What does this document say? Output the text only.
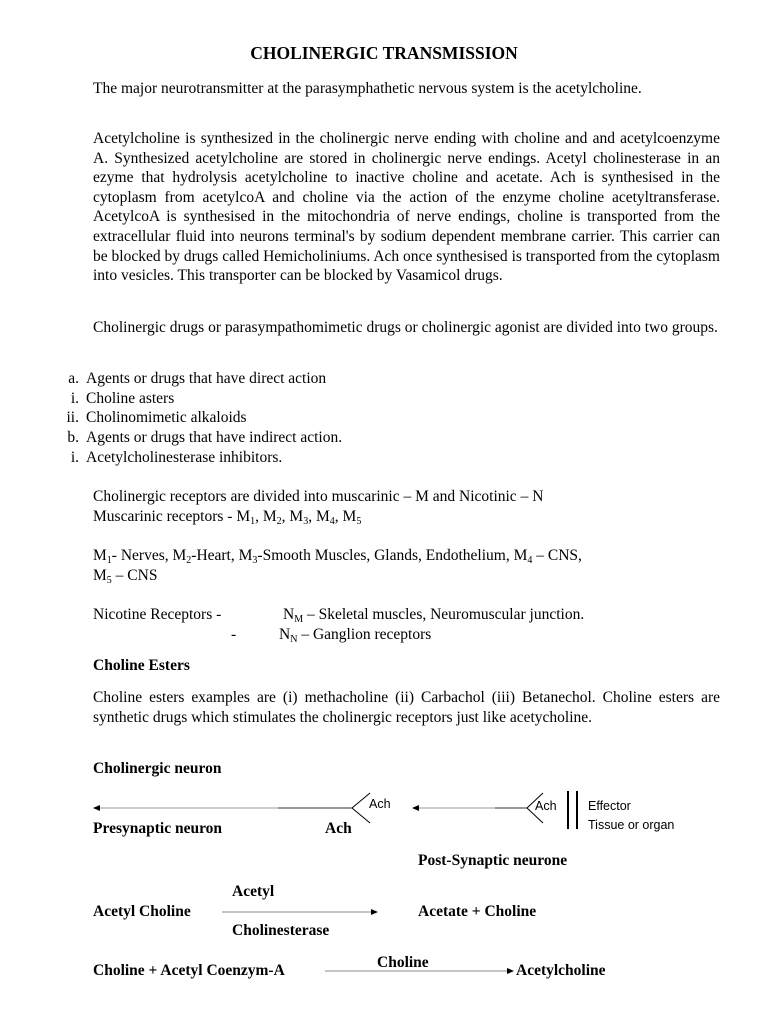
CHOLINERGIC TRANSMISSION
The major neurotransmitter at the parasymphathetic nervous system is the acetylcholine.
Acetylcholine is synthesized in the cholinergic nerve ending with choline and and acetylcoenzyme A. Synthesized acetylcholine are stored in cholinergic nerve endings. Acetyl cholinesterase in an ezyme that hydrolysis acetylcholine to inactive choline and acetate. Ach is synthesised in the cytoplasm from acetylcoA and choline via the action of the enzyme choline acetyltransferase. AcetylcoA is synthesised in the mitochondria of nerve endings, choline is transported from the extracellular fluid into neurons terminal's by sodium dependent membrane carrier. This carrier can be blocked by drugs called Hemicholiniums. Ach once synthesised is transported from the cytoplasm into vesicles. This transporter can be blocked by Vasamicol drugs.
Cholinergic drugs or parasympathomimetic drugs or cholinergic agonist are divided into two groups.
a. Agents or drugs that have direct action
i. Choline asters
ii. Cholinomimetic alkaloids
b. Agents or drugs that have indirect action.
i. Acetylcholinesterase inhibitors.
Cholinergic receptors are divided into muscarinic – M and Nicotinic – N
Muscarinic receptors - $M_1$, $M_2$, $M_3$, $M_4$, $M_5$
$M_1-$ Nerves, $M_2$-Heart, $M_3$-Smooth Muscles, Glands, Endothelium, $M_4$ – CNS,
$M_5$ – CNS
Nicotine Receptors -	$N_M$ – Skeletal muscles, Neuromuscular junction.
-	$N_N$ – Ganglion receptors
Choline Esters
Choline esters examples are (i) methacholine (ii) Carbachol (iii) Betanechol. Choline esters are synthetic drugs which stimulates the cholinergic receptors just like acetycholine.
Cholinergic neuron
Ach	Ach	Effector
Tissue or organ
Presynaptic neuron	Ach
Post-Synaptic neurone
Acetyl
Acetyl Choline	Acetate + Choline
Cholinesterase
Choline
Choline + Acetyl Coenzym-A	Acetylcholine
